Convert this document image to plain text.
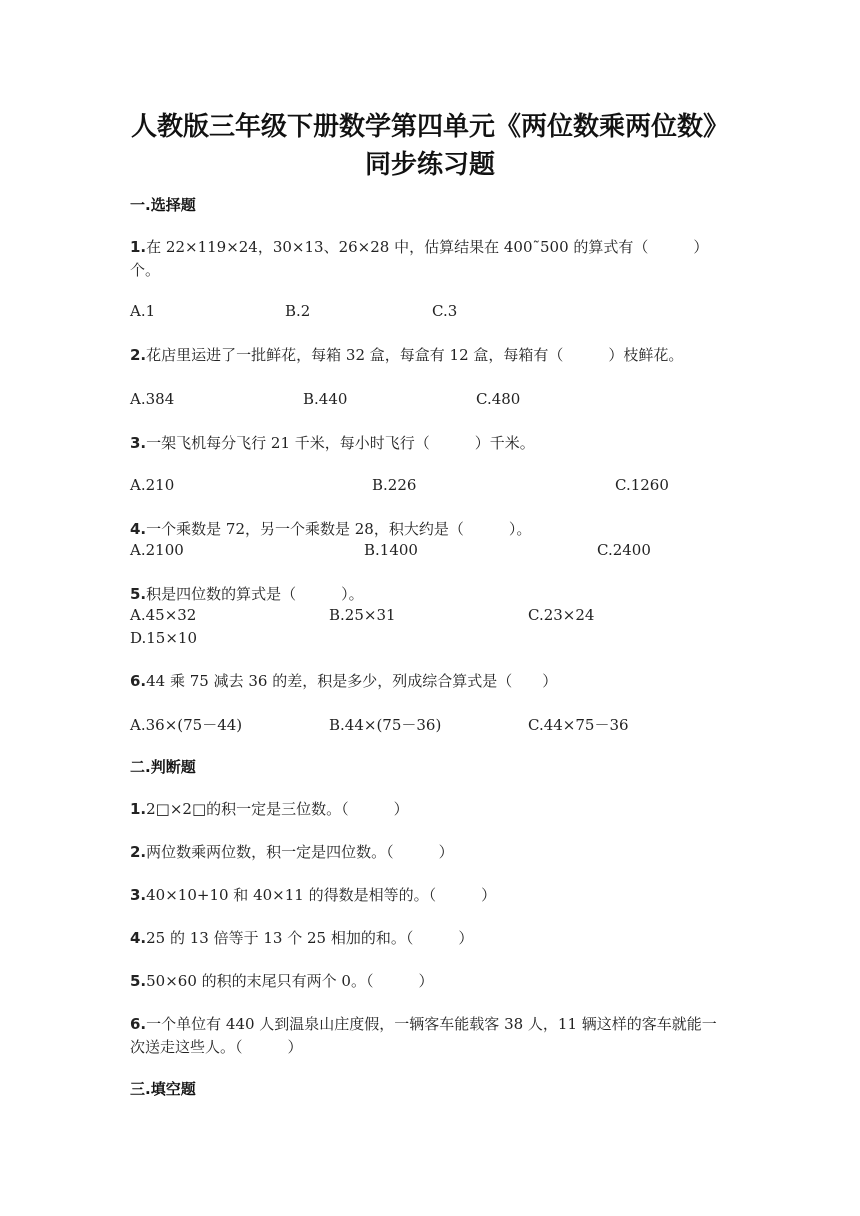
人教版三年级下册数学第四单元《两位数乘两位数》
同步练习题
一.选择题
1.在 22×119×24，30×13、26×28 中，估算结果在 400˜500 的算式有（　　　）个。
A.1	B.2	C.3
2.花店里运进了一批鲜花，每箱 32 盒，每盒有 12 盒，每箱有（　　　）枝鲜花。
A.384	B.440	C.480
3.一架飞机每分飞行 21 千米，每小时飞行（　　　）千米。
A.210	B.226	C.1260
4.一个乘数是 72，另一个乘数是 28，积大约是（　　　）。
A.2100	B.1400	C.2400
5.积是四位数的算式是（　　　）。
A.45×32	B.25×31	C.23×24
D.15×10
6.44 乘 75 减去 36 的差，积是多少，列成综合算式是（　　）
A.36×(75－44)	B.44×(75－36)	C.44×75－36
二.判断题
1.2□×2□的积一定是三位数。（　　　）
2.两位数乘两位数，积一定是四位数。（　　　）
3.40×10+10 和 40×11 的得数是相等的。（　　　）
4.25 的 13 倍等于 13 个 25 相加的和。（　　　）
5.50×60 的积的末尾只有两个 0。（　　　）
6.一个单位有 440 人到温泉山庄度假，一辆客车能载客 38 人，11 辆这样的客车就能一次送走这些人。（　　　）
三.填空题
